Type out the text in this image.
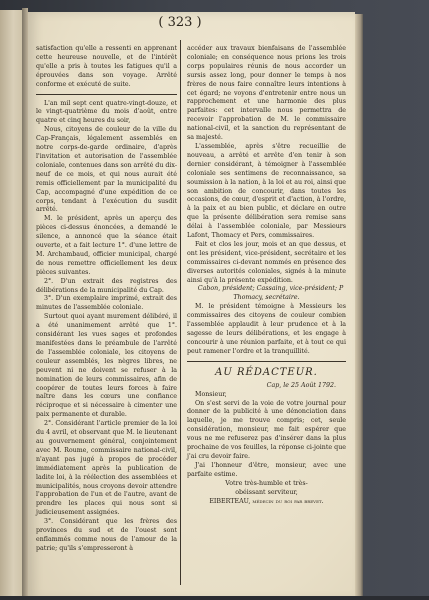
( 323 )

satisfaction qu'elle a ressenti en apprenant cette heureuse nouvelle, et de l'intérêt qu'elle a pris à toutes les fatigues qu'il a éprouvées dans son voyage. Arrêté conforme et exécuté de suite.

L'an mil sept cent quatre-vingt-douze, et le vingt-quatrième du mois d'août, entre quatre et cinq heures du soir,

Nous, citoyens de couleur de la ville du Cap-Français, légalement assemblés en notre corps-de-garde ordinaire, d'après l'invitation et autorisation de l'assemblée coloniale, contenues dans son arrêté du dix-neuf de ce mois, et qui nous aurait été remis officiellement par la municipalité du Cap, accompagné d'une expédition de ce corps, tendant à l'exécution du susdit arrêté.

M. le président, après un aperçu des pièces ci-dessus énoncées, a demandé le silence, a annoncé que la séance était ouverte, et a fait lecture 1°. d'une lettre de M. Archambaud, officier municipal, chargé de nous remettre officiellement les deux pièces suivantes.

2°. D'un extrait des registres des délibérations de la municipalité du Cap.

3°. D'un exemplaire imprimé, extrait des minutes de l'assemblée coloniale.

Surtout quoi ayant murement délibéré, il a été unanimement arrêté que 1°. considérant les vues sages et profondes manifestées dans le préambule de l'arrêté de l'assemblée coloniale, les citoyens de couleur assemblés, les nègres libres, ne peuvent ni ne doivent se refuser à la nomination de leurs commissaires, afin de coopérer de toutes leurs forces à faire naître dans les cœurs une confiance réciproque et si nécessaire à cimenter une paix permanente et durable.

2°. Considérant l'article premier de la loi du 4 avril, et observant que M. le lieutenant au gouvernement général, conjointement avec M. Roume, commissaire national-civil, n'ayant pas jugé à propos de procéder immédiatement après la publication de ladite loi, à la réélection des assemblées et municipalités, nous croyons devoir attendre l'approbation de l'un et de l'autre, avant de prendre les places qui nous sont si judicieusement assignées.

3°. Considérant que les frères des provinces du sud et de l'ouest sont enflammés comme nous de l'amour de la patrie; qu'ils s'empresseront à

accéder aux travaux bienfaisans de l'assemblée coloniale; en conséquence nous prions les trois corps populaires réunis de nous accorder un sursis assez long, pour donner le temps à nos frères de nous faire connaître leurs intentions à cet égard; ne voyons d'entretenir entre nous un rapprochement et une harmonie des plus parfaites: cet intervalle nous permettra de recevoir l'approbation de M. le commissaire national-civil, et la sanction du représentant de sa majesté.

L'assemblée, après s'être recueillie de nouveau, a arrêté et arrête d'en tenir à son dernier considérant, à témoigner à l'assemblée coloniale ses sentimens de reconnaissance, sa soumission à la nation, à la loi et au roi, ainsi que son ambition de concourir, dans toutes les occasions, de cœur, d'esprit et d'action, à l'ordre, à la paix et au bien public, et déclare en outre que la présente délibération sera remise sans délai à l'assemblée coloniale, par Messieurs Lafont, Thomacy et Pers, commissaires.

Fait et clos les jour, mois et an que dessus, et ont les président, vice-président, secrétaire et les commissaires ci-devant nommés en présence des diverses autorités coloniales, signés à la minute ainsi qu'à la présente expédition.

Cabon, président; Cassaing, vice-président; P Thomacy, secrétaire.

M. le président témoigne à Messieurs les commissaires des citoyens de couleur combien l'assemblée applaudit à leur prudence et à la sagesse de leurs délibérations, et les engage à concourir à une réunion parfaite, et à tout ce qui peut ramener l'ordre et la tranquillité.

AU RÉDACTEUR.
Cap, le 25 Août 1792.

Monsieur,

On s'est servi de la voie de votre journal pour donner de la publicité à une dénonciation dans laquelle, je me trouve compris; cet, seule considération, monsieur, me fait espérer que vous ne me refuserez pas d'insérer dans la plus prochaine de vos feuilles, la réponse ci-jointe que j'ai cru devoir faire.

J'ai l'honneur d'être, monsieur, avec une parfaite estime.

Votre très-humble et très-
obéissant serviteur,
EIBERTEAU, médecin du roi par brevet.
